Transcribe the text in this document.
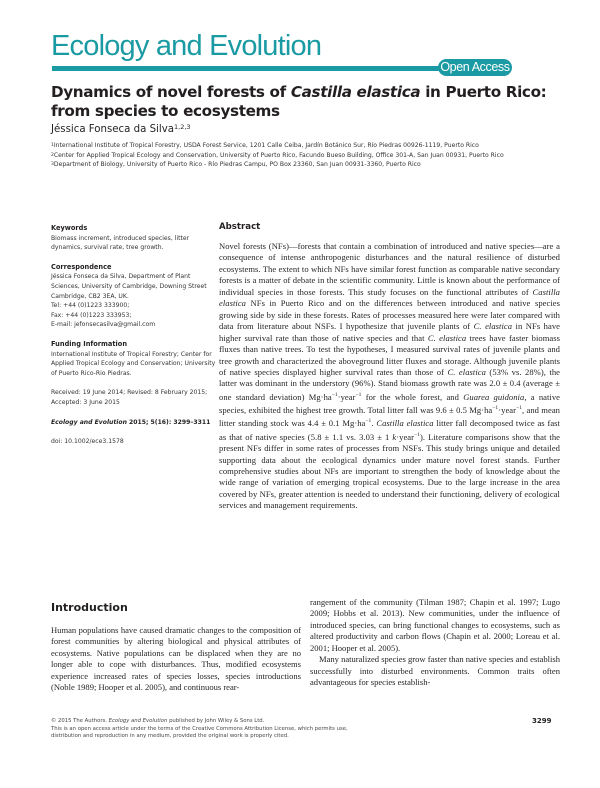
Ecology and Evolution
Open Access
Dynamics of novel forests of Castilla elastica in Puerto Rico: from species to ecosystems
Jéssica Fonseca da Silva$^{1,2,3}$

$^1$International Institute of Tropical Forestry, USDA Forest Service, 1201 Calle Ceiba, Jardín Botánico Sur, Río Piedras 00926-1119, Puerto Rico

$^2$Center for Applied Tropical Ecology and Conservation, University of Puerto Rico, Facundo Bueso Building, Office 301-A, San Juan 00931, Puerto Rico

$^3$Department of Biology, University of Puerto Rico - Río Piedras Campu, PO Box 23360, San Juan 00931-3360, Puerto Rico

Keywords
Biomass increment, introduced species, litter dynamics, survival rate, tree growth.
Correspondence
Jéssica Fonseca da Silva, Department of Plant Sciences, University of Cambridge, Downing Street Cambridge, CB2 3EA, UK.
Tel: +44 (0)1223 333900;
Fax: +44 (0)1223 333953;
E-mail: jefonsecasilva@gmail.com
Funding Information
International Institute of Tropical Forestry; Center for Applied Tropical Ecology and Conservation; University of Puerto Rico-Rio Piedras.
Received: 19 June 2014; Revised: 8 February 2015; Accepted: 3 June 2015
Ecology and Evolution 2015; 5(16): 3299–3311
doi: 10.1002/ece3.1578
Abstract

Novel forests (NFs)—forests that contain a combination of introduced and native species—are a consequence of intense anthropogenic disturbances and the natural resilience of disturbed ecosystems. The extent to which NFs have similar forest function as comparable native secondary forests is a matter of debate in the scientific community. Little is known about the performance of individual species in those forests. This study focuses on the functional attributes of Castilla elastica NFs in Puerto Rico and on the differences between introduced and native species growing side by side in these forests. Rates of processes measured here were later compared with data from literature about NSFs. I hypothesize that juvenile plants of C. elastica in NFs have higher survival rate than those of native species and that C. elastica trees have faster biomass fluxes than native trees. To test the hypotheses, I measured survival rates of juvenile plants and tree growth and characterized the aboveground litter fluxes and storage. Although juvenile plants of native species displayed higher survival rates than those of C. elastica (53% vs. 28%), the latter was dominant in the understory (96%). Stand biomass growth rate was 2.0 ± 0.4 (average ± one standard deviation) $Mg\cdot ha^{-1}\cdot year^{-1}$ for the whole forest, and Guarea guidonia, a native species, exhibited the highest tree growth. Total litter fall was 9.6 ± 0.5 $Mg\cdot ha^{-1}\cdot year^{-1}$, and mean litter standing stock was 4.4 ± 0.1 $Mg\cdot ha^{-1}$. Castilla elastica litter fall decomposed twice as fast as that of native species (5.8 ± 1.1 vs. 3.03 ± 1 k·year$^{-1}$). Literature comparisons show that the present NFs differ in some rates of processes from NSFs. This study brings unique and detailed supporting data about the ecological dynamics under mature novel forest stands. Further comprehensive studies about NFs are important to strengthen the body of knowledge about the wide range of variation of emerging tropical ecosystems. Due to the large increase in the area covered by NFs, greater attention is needed to understand their functioning, delivery of ecological services and management requirements.

Introduction

Human populations have caused dramatic changes to the composition of forest communities by altering biological and physical attributes of ecosystems. Native populations can be displaced when they are no longer able to cope with disturbances. Thus, modified ecosystems experience increased rates of species losses, species introductions (Noble 1989; Hooper et al. 2005), and continuous rear-

rangement of the community (Tilman 1987; Chapin et al. 1997; Lugo 2009; Hobbs et al. 2013). New communities, under the influence of introduced species, can bring functional changes to ecosystems, such as altered productivity and carbon flows (Chapin et al. 2000; Loreau et al. 2001; Hooper et al. 2005).

Many naturalized species grow faster than native species and establish successfully into disturbed environments. Common traits often advantageous for species establish-

© 2015 The Authors. Ecology and Evolution published by John Wiley & Sons Ltd.
This is an open access article under the terms of the Creative Commons Attribution License, which permits use,
distribution and reproduction in any medium, provided the original work is properly cited.
3299
